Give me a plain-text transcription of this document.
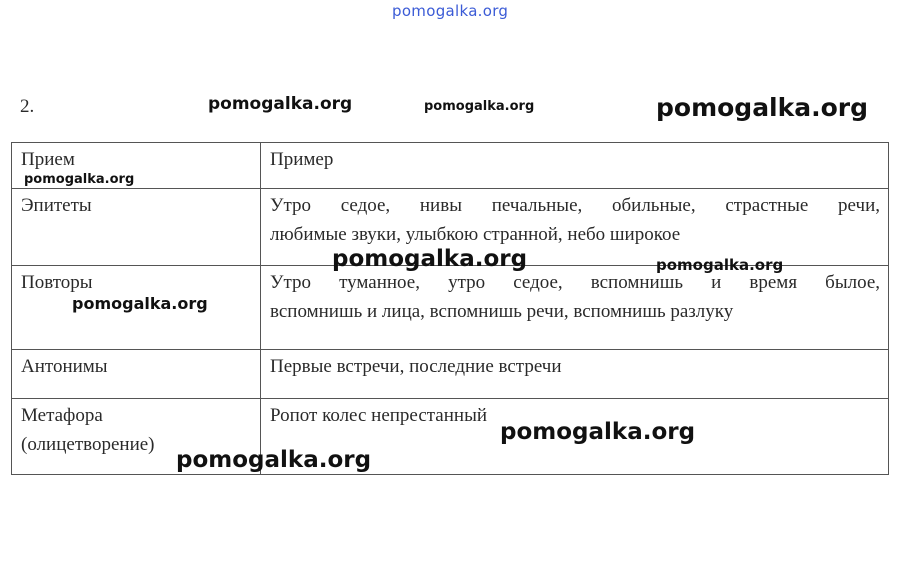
pomogalka.org
2.
Прием	Пример
Эпитеты	Утро седое, нивы печальные, обильные, страстные речи,
любимые звуки, улыбкою странной, небо широкое

Повторы	Утро туманное, утро седое, вспомнишь и время былое,
вспомнишь и лица, вспомнишь речи, вспомнишь разлуку

Антонимы	Первые встречи, последние встречи

Метафора
(олицетворение)	Ропот колес непрестанный
pomogalka.org	pomogalka.org	pomogalka.org
pomogalka.org
pomogalka.org	pomogalka.org
pomogalka.org
pomogalka.org
pomogalka.org
